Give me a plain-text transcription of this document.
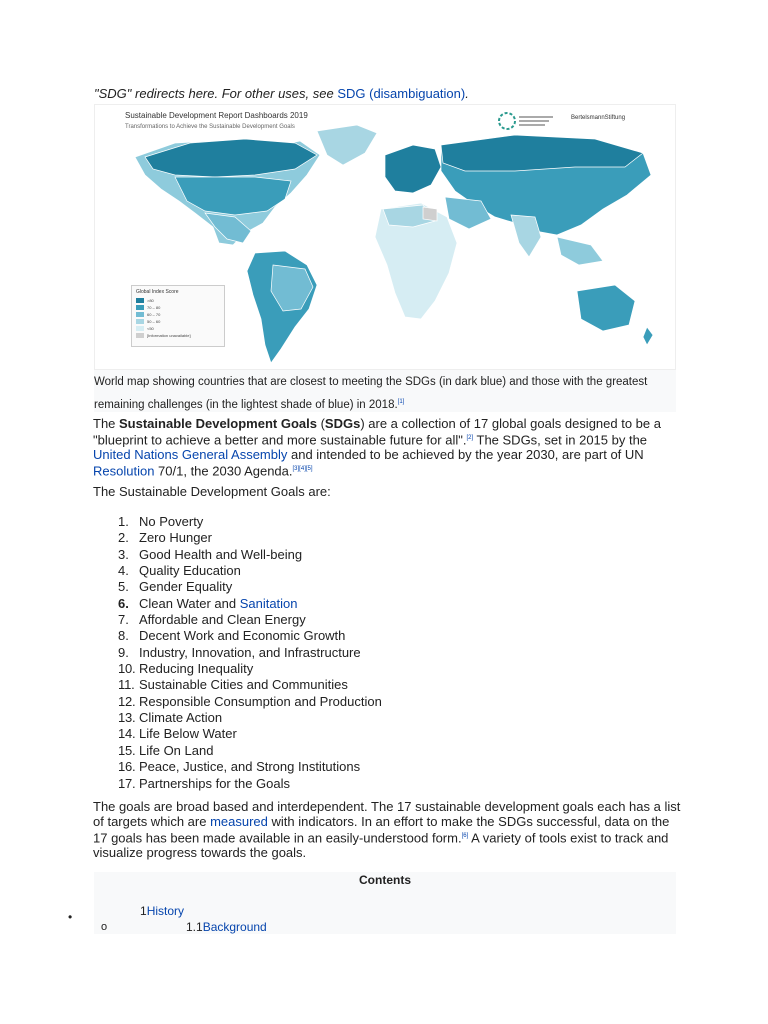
"SDG" redirects here. For other uses, see SDG (disambiguation).
Sustainable Development Report Dashboards 2019
Transformations to Achieve the Sustainable Development Goals
BertelsmannStiftung
Global Index Score
>80
70 – 80
60 – 70
50 – 60
<50
[Information unavailable]
World map showing countries that are closest to meeting the SDGs (in dark blue) and those with the greatest remaining challenges (in the lightest shade of blue) in 2018.[1]

The Sustainable Development Goals (SDGs) are a collection of 17 global goals designed to be a "blueprint to achieve a better and more sustainable future for all".[2] The SDGs, set in 2015 by the United Nations General Assembly and intended to be achieved by the year 2030, are part of UN Resolution 70/1, the 2030 Agenda.[3][4][5]

The Sustainable Development Goals are:

1. No Poverty
2. Zero Hunger
3. Good Health and Well-being
4. Quality Education
5. Gender Equality
6. Clean Water and Sanitation
7. Affordable and Clean Energy
8. Decent Work and Economic Growth
9. Industry, Innovation, and Infrastructure
10. Reducing Inequality
11. Sustainable Cities and Communities
12. Responsible Consumption and Production
13. Climate Action
14. Life Below Water
15. Life On Land
16. Peace, Justice, and Strong Institutions
17. Partnerships for the Goals

The goals are broad based and interdependent. The 17 sustainable development goals each has a list of targets which are measured with indicators. In an effort to make the SDGs successful, data on the 17 goals has been made available in an easily-understood form.[6] A variety of tools exist to track and visualize progress towards the goals.

Contents
1History
1.1Background
•
o
